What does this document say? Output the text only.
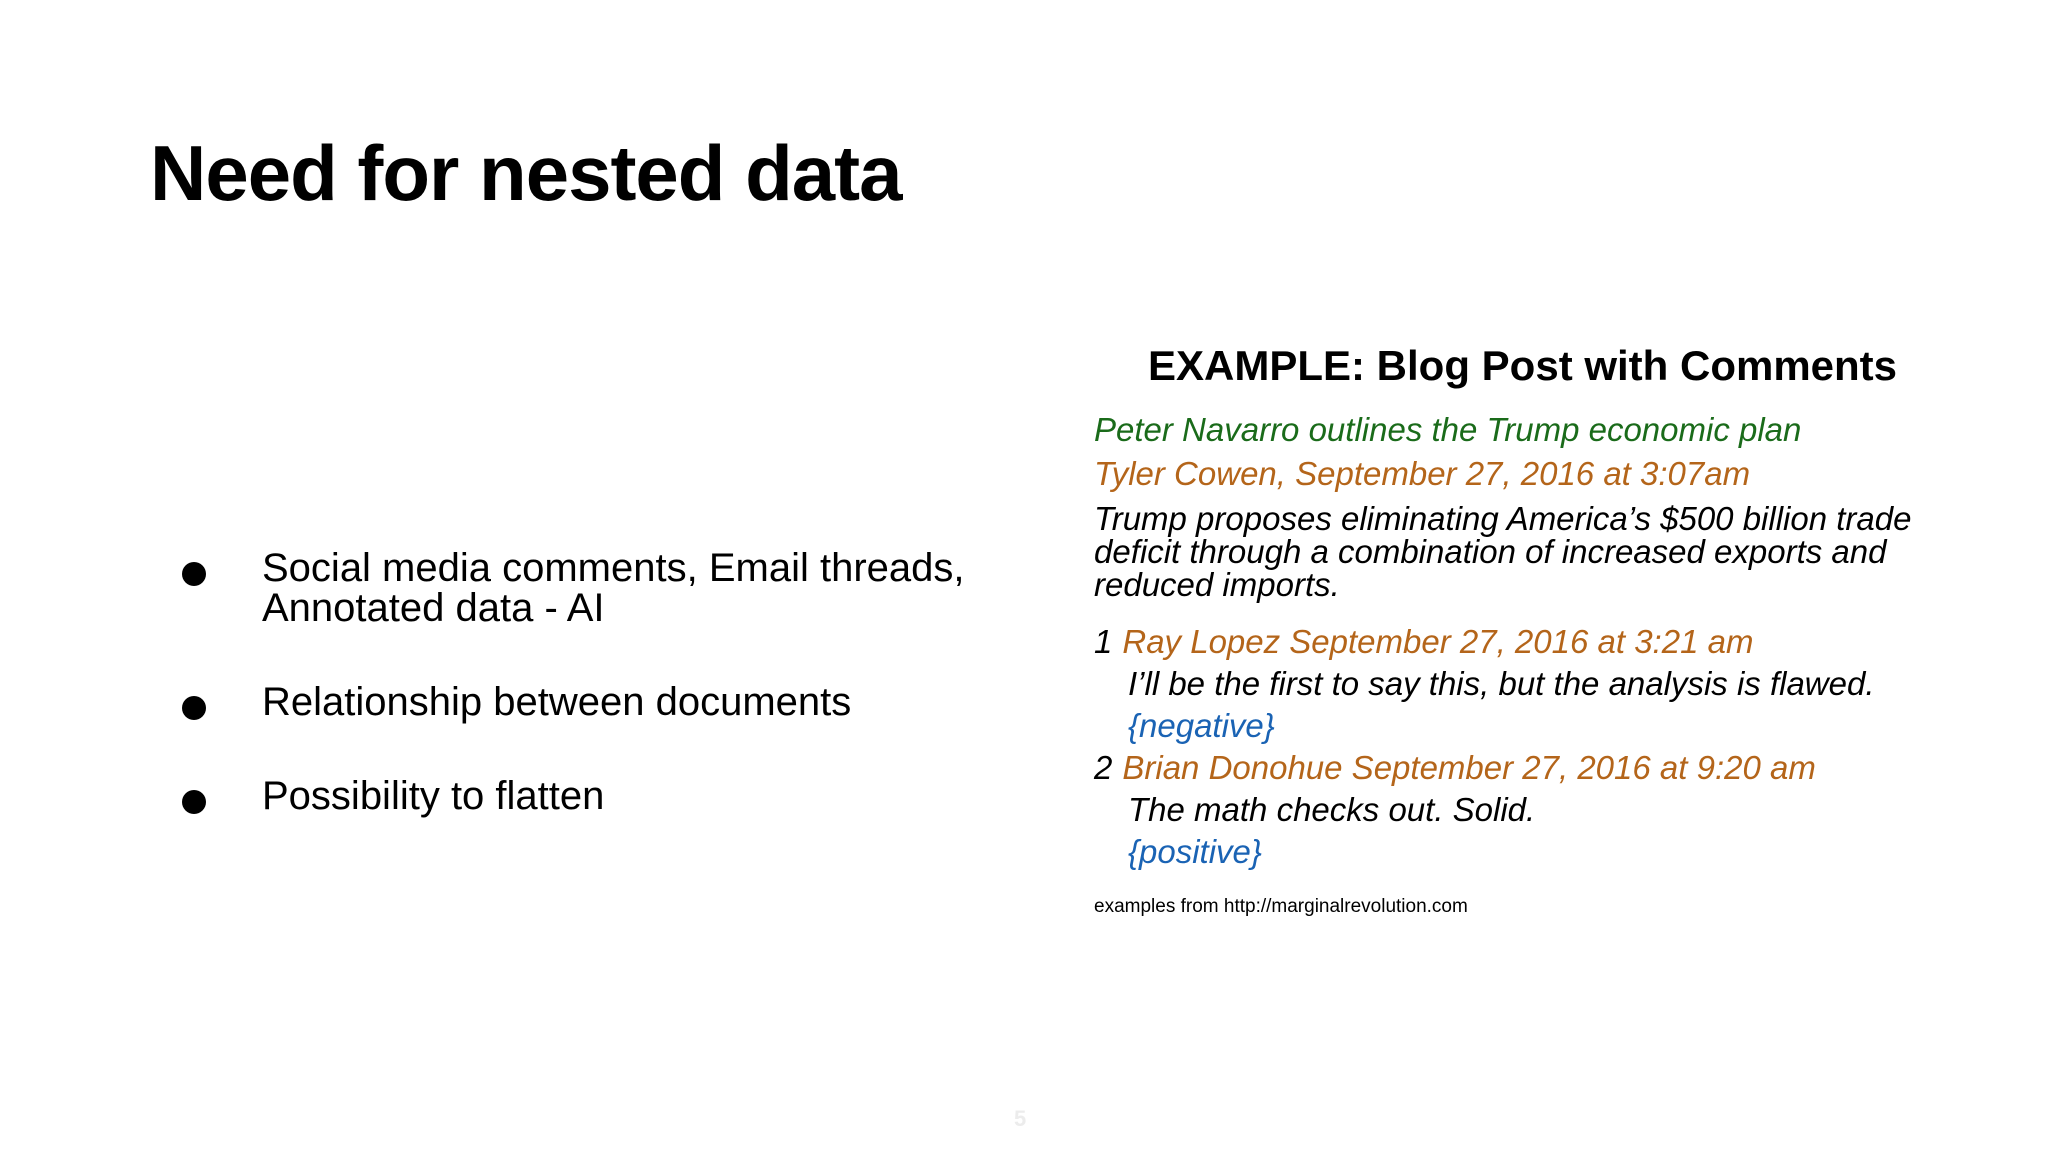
Need for nested data
Social media comments, Email threads, Annotated data - AI
Relationship between documents
Possibility to flatten
EXAMPLE: Blog Post with Comments
Peter Navarro outlines the Trump economic plan
Tyler Cowen, September 27, 2016 at 3:07am
Trump proposes eliminating America’s $500 billion trade deficit through a combination of increased exports and reduced imports.
1 Ray Lopez September 27, 2016 at 3:21 am
I’ll be the first to say this, but the analysis is flawed.
{negative}
2 Brian Donohue September 27, 2016 at 9:20 am
The math checks out. Solid.
{positive}
examples from http://marginalrevolution.com
5
